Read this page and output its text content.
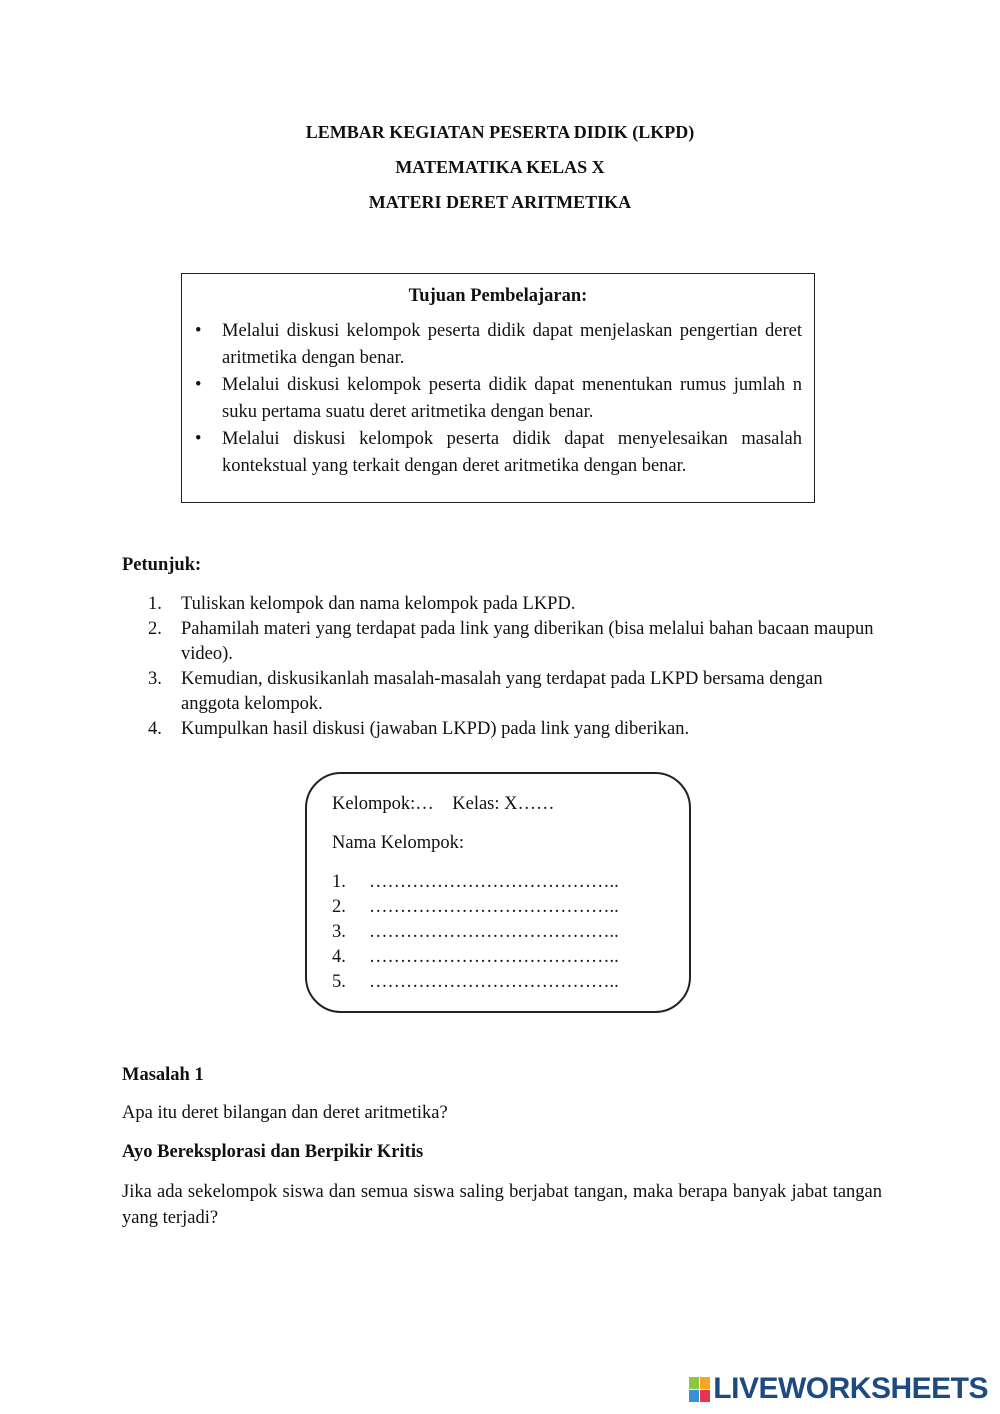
LEMBAR KEGIATAN PESERTA DIDIK (LKPD)
MATEMATIKA KELAS X
MATERI DERET ARITMETIKA
Tujuan Pembelajaran:
• Melalui diskusi kelompok peserta didik dapat menjelaskan pengertian deret aritmetika dengan benar.
• Melalui diskusi kelompok peserta didik dapat menentukan rumus jumlah n suku pertama suatu deret aritmetika dengan benar.
• Melalui diskusi kelompok peserta didik dapat menyelesaikan masalah kontekstual yang terkait dengan deret aritmetika dengan benar.
Petunjuk:
1. Tuliskan kelompok dan nama kelompok pada LKPD.
2. Pahamilah materi yang terdapat pada link yang diberikan (bisa melalui bahan bacaan maupun video).
3. Kemudian, diskusikanlah masalah-masalah yang terdapat pada LKPD bersama dengan anggota kelompok.
4. Kumpulkan hasil diskusi (jawaban LKPD) pada link yang diberikan.
Kelompok:… Kelas: X……
Nama Kelompok:
1.	…………………………………..
2.	…………………………………..
3.	…………………………………..
4.	…………………………………..
5.	…………………………………..
Masalah 1
Apa itu deret bilangan dan deret aritmetika?
Ayo Bereksplorasi dan Berpikir Kritis
Jika ada sekelompok siswa dan semua siswa saling berjabat tangan, maka berapa banyak jabat tangan yang terjadi?
LIVEWORKSHEETS
